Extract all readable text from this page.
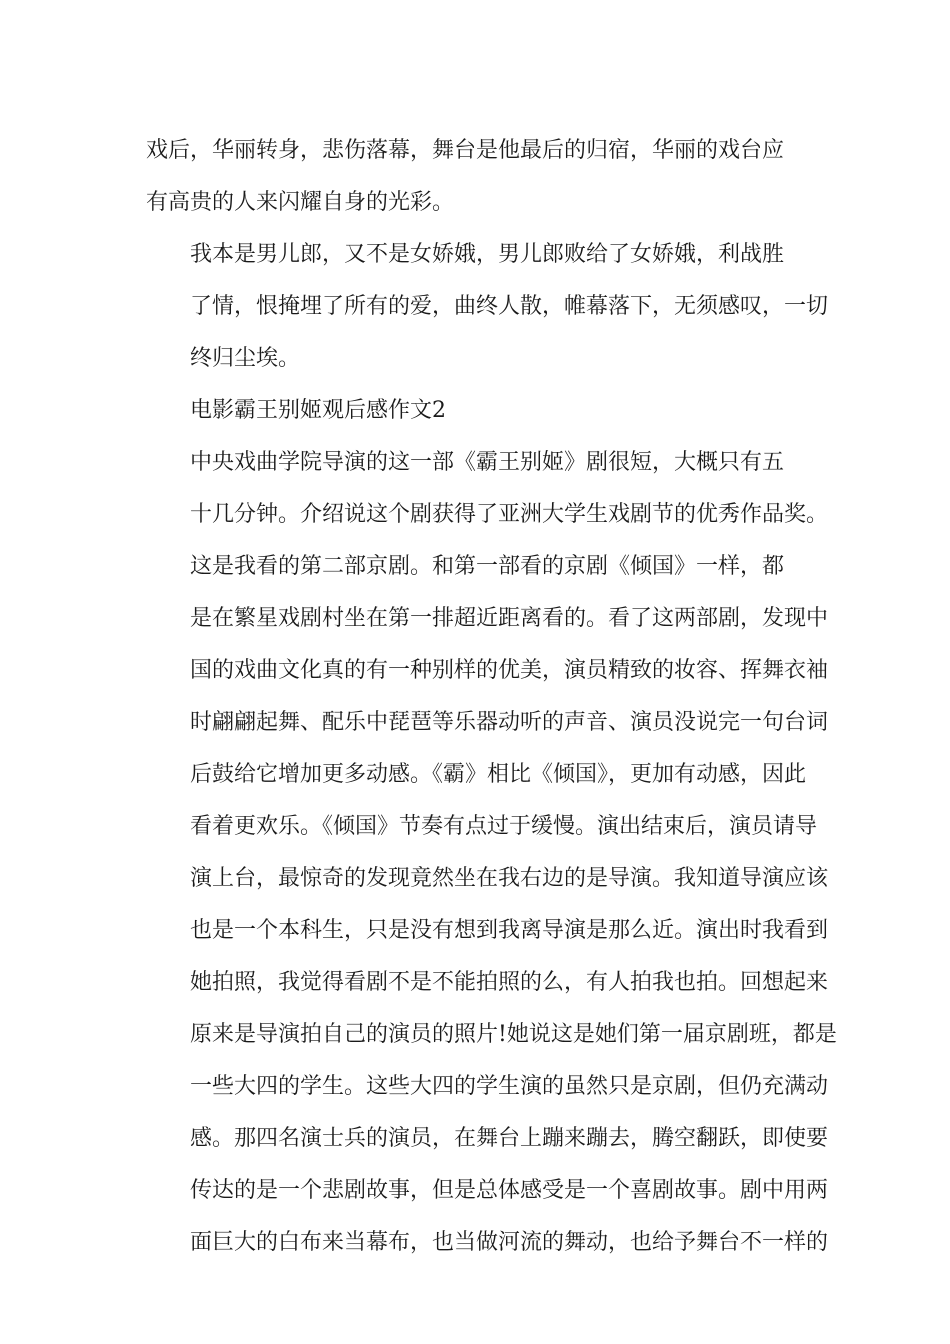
戏后，华丽转身，悲伤落幕，舞台是他最后的归宿，华丽的戏台应
有高贵的人来闪耀自身的光彩。
我本是男儿郎，又不是女娇娥，男儿郎败给了女娇娥，利战胜
了情，恨掩埋了所有的爱，曲终人散，帷幕落下，无须感叹，一切
终归尘埃。
电影霸王别姬观后感作文2
中央戏曲学院导演的这一部《霸王别姬》剧很短，大概只有五
十几分钟。介绍说这个剧获得了亚洲大学生戏剧节的优秀作品奖。
这是我看的第二部京剧。和第一部看的京剧《倾国》一样，都
是在繁星戏剧村坐在第一排超近距离看的。看了这两部剧，发现中
国的戏曲文化真的有一种别样的优美，演员精致的妆容、挥舞衣袖
时翩翩起舞、配乐中琵琶等乐器动听的声音、演员没说完一句台词
后鼓给它增加更多动感。《霸》相比《倾国》，更加有动感，因此
看着更欢乐。《倾国》节奏有点过于缓慢。演出结束后，演员请导
演上台，最惊奇的发现竟然坐在我右边的是导演。我知道导演应该
也是一个本科生，只是没有想到我离导演是那么近。演出时我看到
她拍照，我觉得看剧不是不能拍照的么，有人拍我也拍。回想起来
原来是导演拍自己的演员的照片!她说这是她们第一届京剧班，都是
一些大四的学生。这些大四的学生演的虽然只是京剧，但仍充满动
感。那四名演士兵的演员，在舞台上蹦来蹦去，腾空翻跃，即使要
传达的是一个悲剧故事，但是总体感受是一个喜剧故事。剧中用两
面巨大的白布来当幕布，也当做河流的舞动，也给予舞台不一样的
